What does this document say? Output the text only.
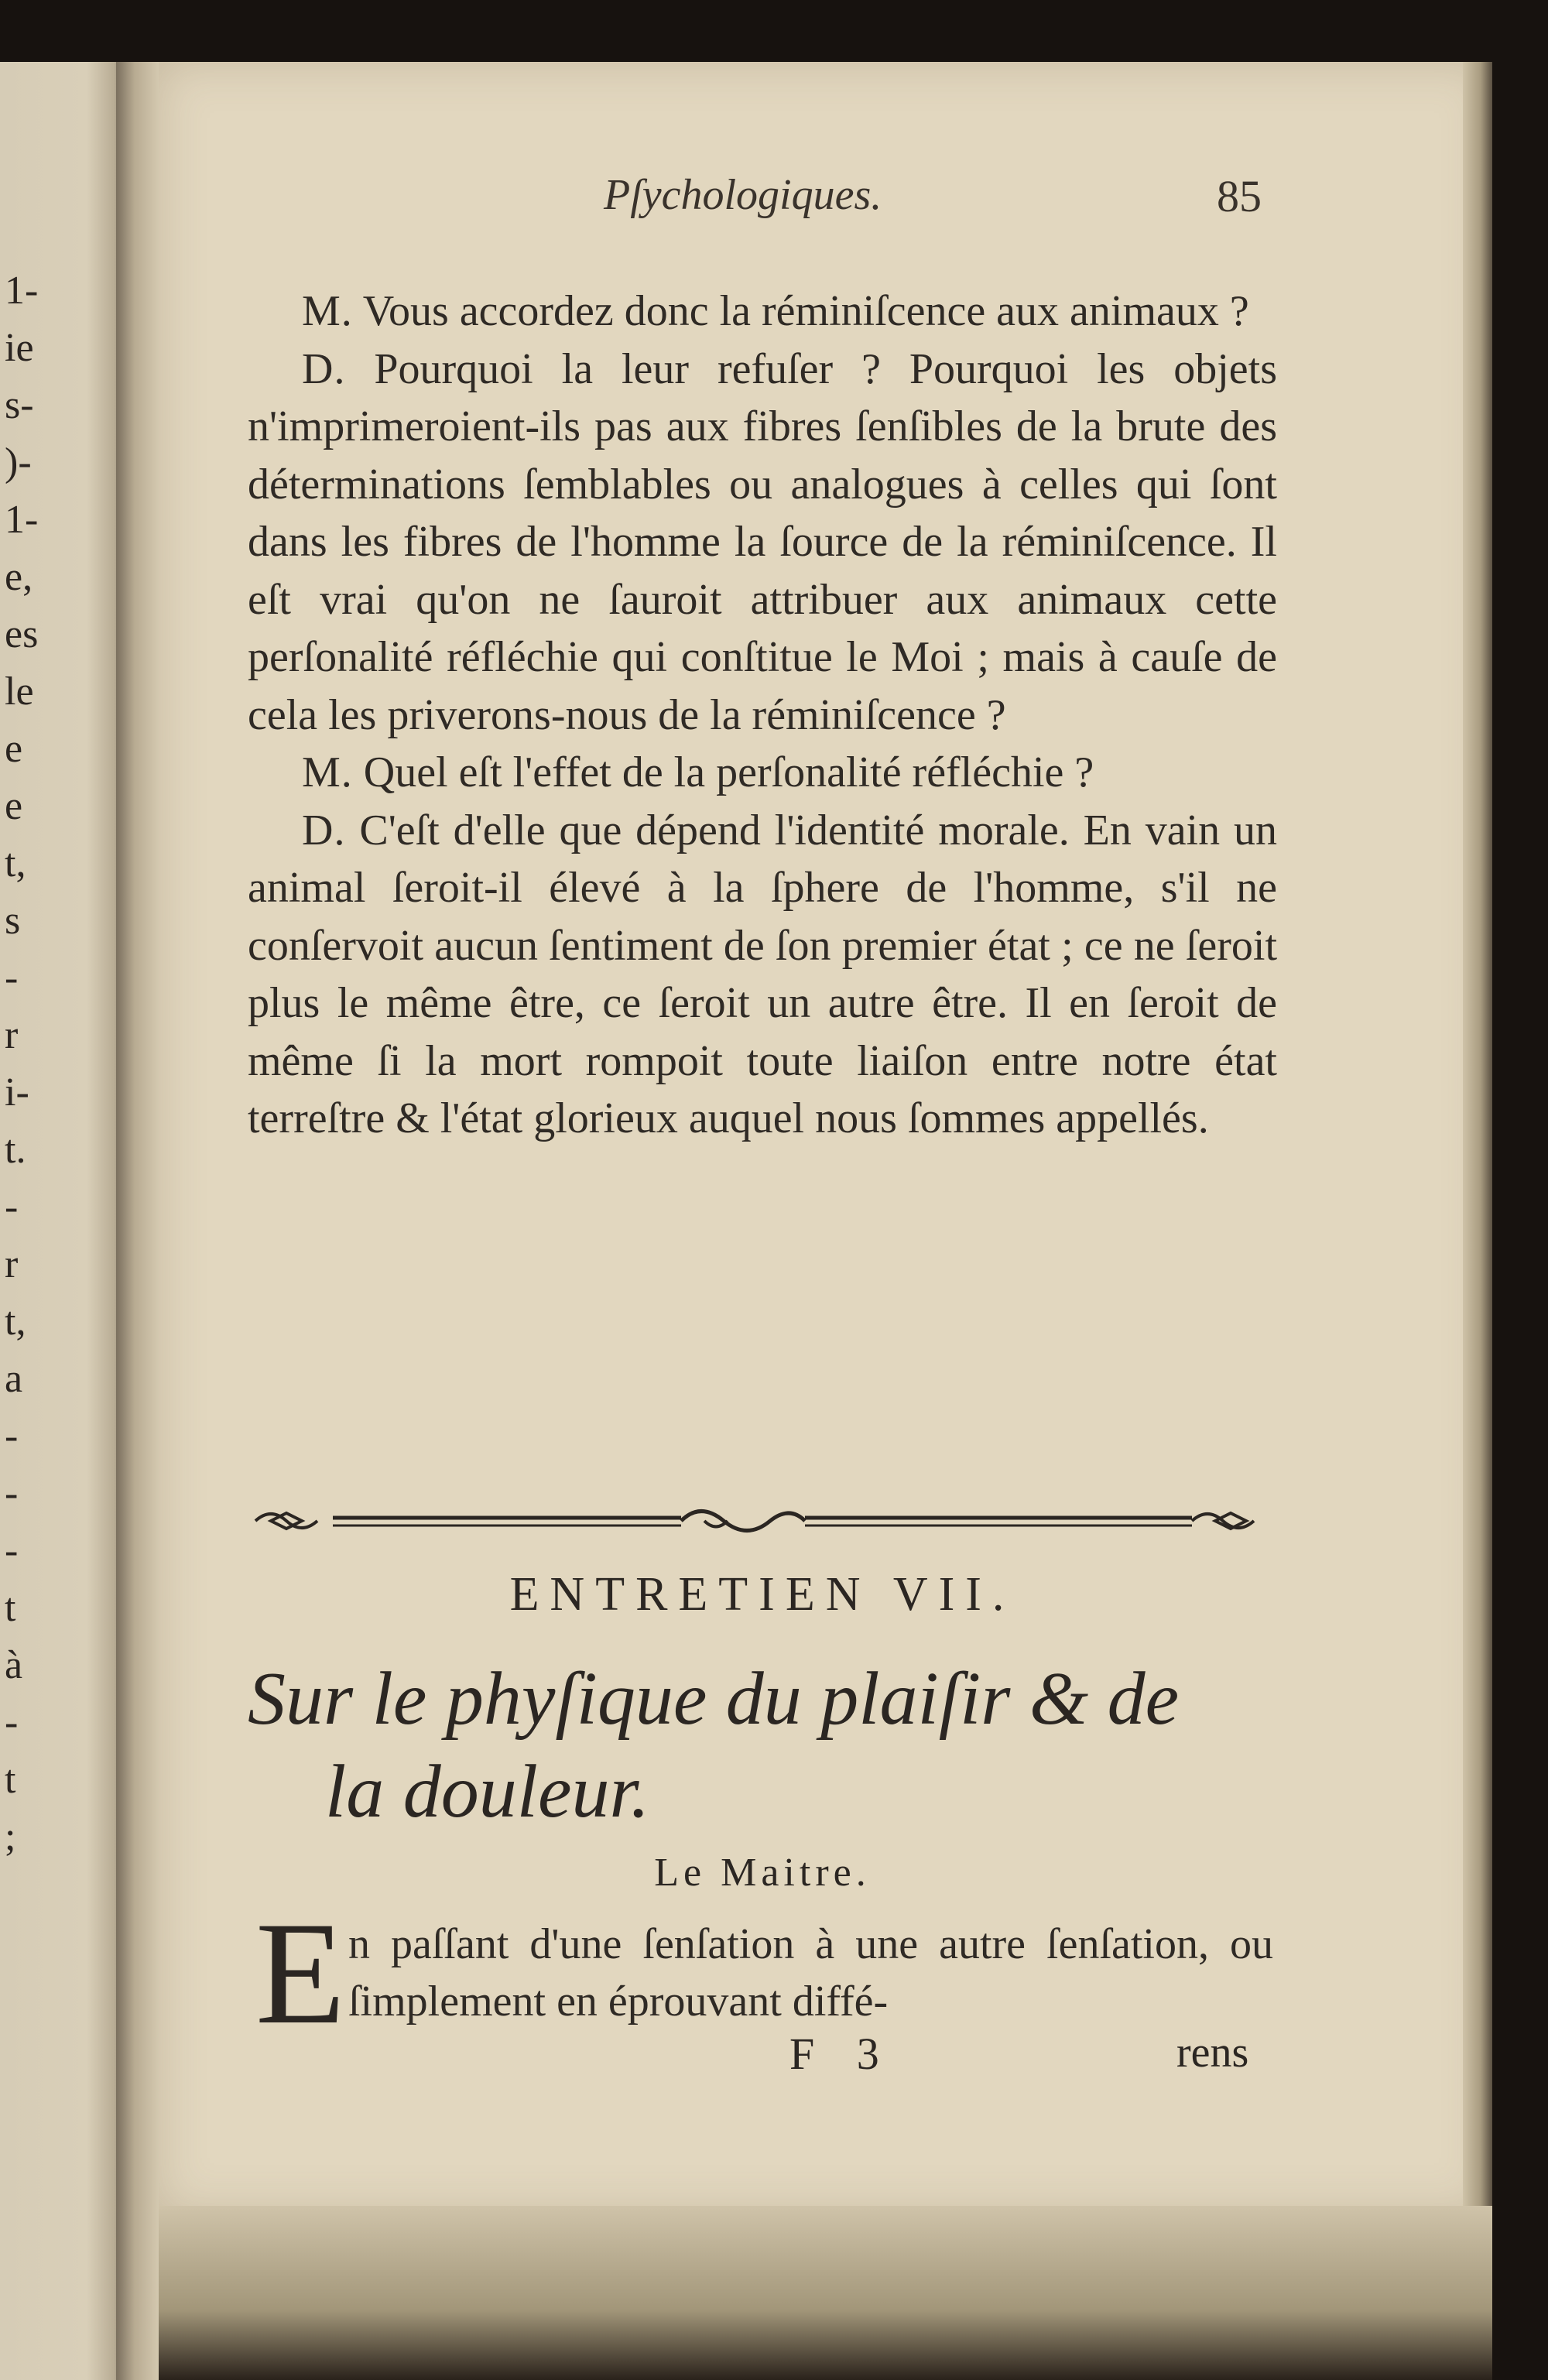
1-
ie
s-
)-
1-
e,
es
le
e
e
t,
s
-
r
i-
t.
-
r
t,
a
-
-
-
t
à
-
t
;
Pſychologiques.	85

M. Vous accordez donc la réminiſcence aux animaux ?

D. Pourquoi la leur refuſer ? Pourquoi les objets n'imprimeroient-ils pas aux fibres ſenſibles de la brute des déterminations ſemblables ou analogues à celles qui ſont dans les fibres de l'homme la ſource de la réminiſcence. Il eſt vrai qu'on ne ſauroit attribuer aux animaux cette perſonalité réfléchie qui conſtitue le Moi ; mais à cauſe de cela les priverons-nous de la réminiſcence ?

M. Quel eſt l'effet de la perſonalité réfléchie ?

D. C'eſt d'elle que dépend l'identité morale. En vain un animal ſeroit-il élevé à la ſphere de l'homme, s'il ne conſervoit aucun ſentiment de ſon premier état ; ce ne ſeroit plus le même être, ce ſeroit un autre être. Il en ſeroit de même ſi la mort rompoit toute liaiſon entre notre état terreſtre & l'état glorieux auquel nous ſommes appellés.

ENTRETIEN VII.
Sur le phyſique du plaiſir & de
la douleur.
Le Maitre.
E n paſſant d'une ſenſation à une autre ſenſation, ou ſimplement en éprouvant diffé-
F 3	rens
